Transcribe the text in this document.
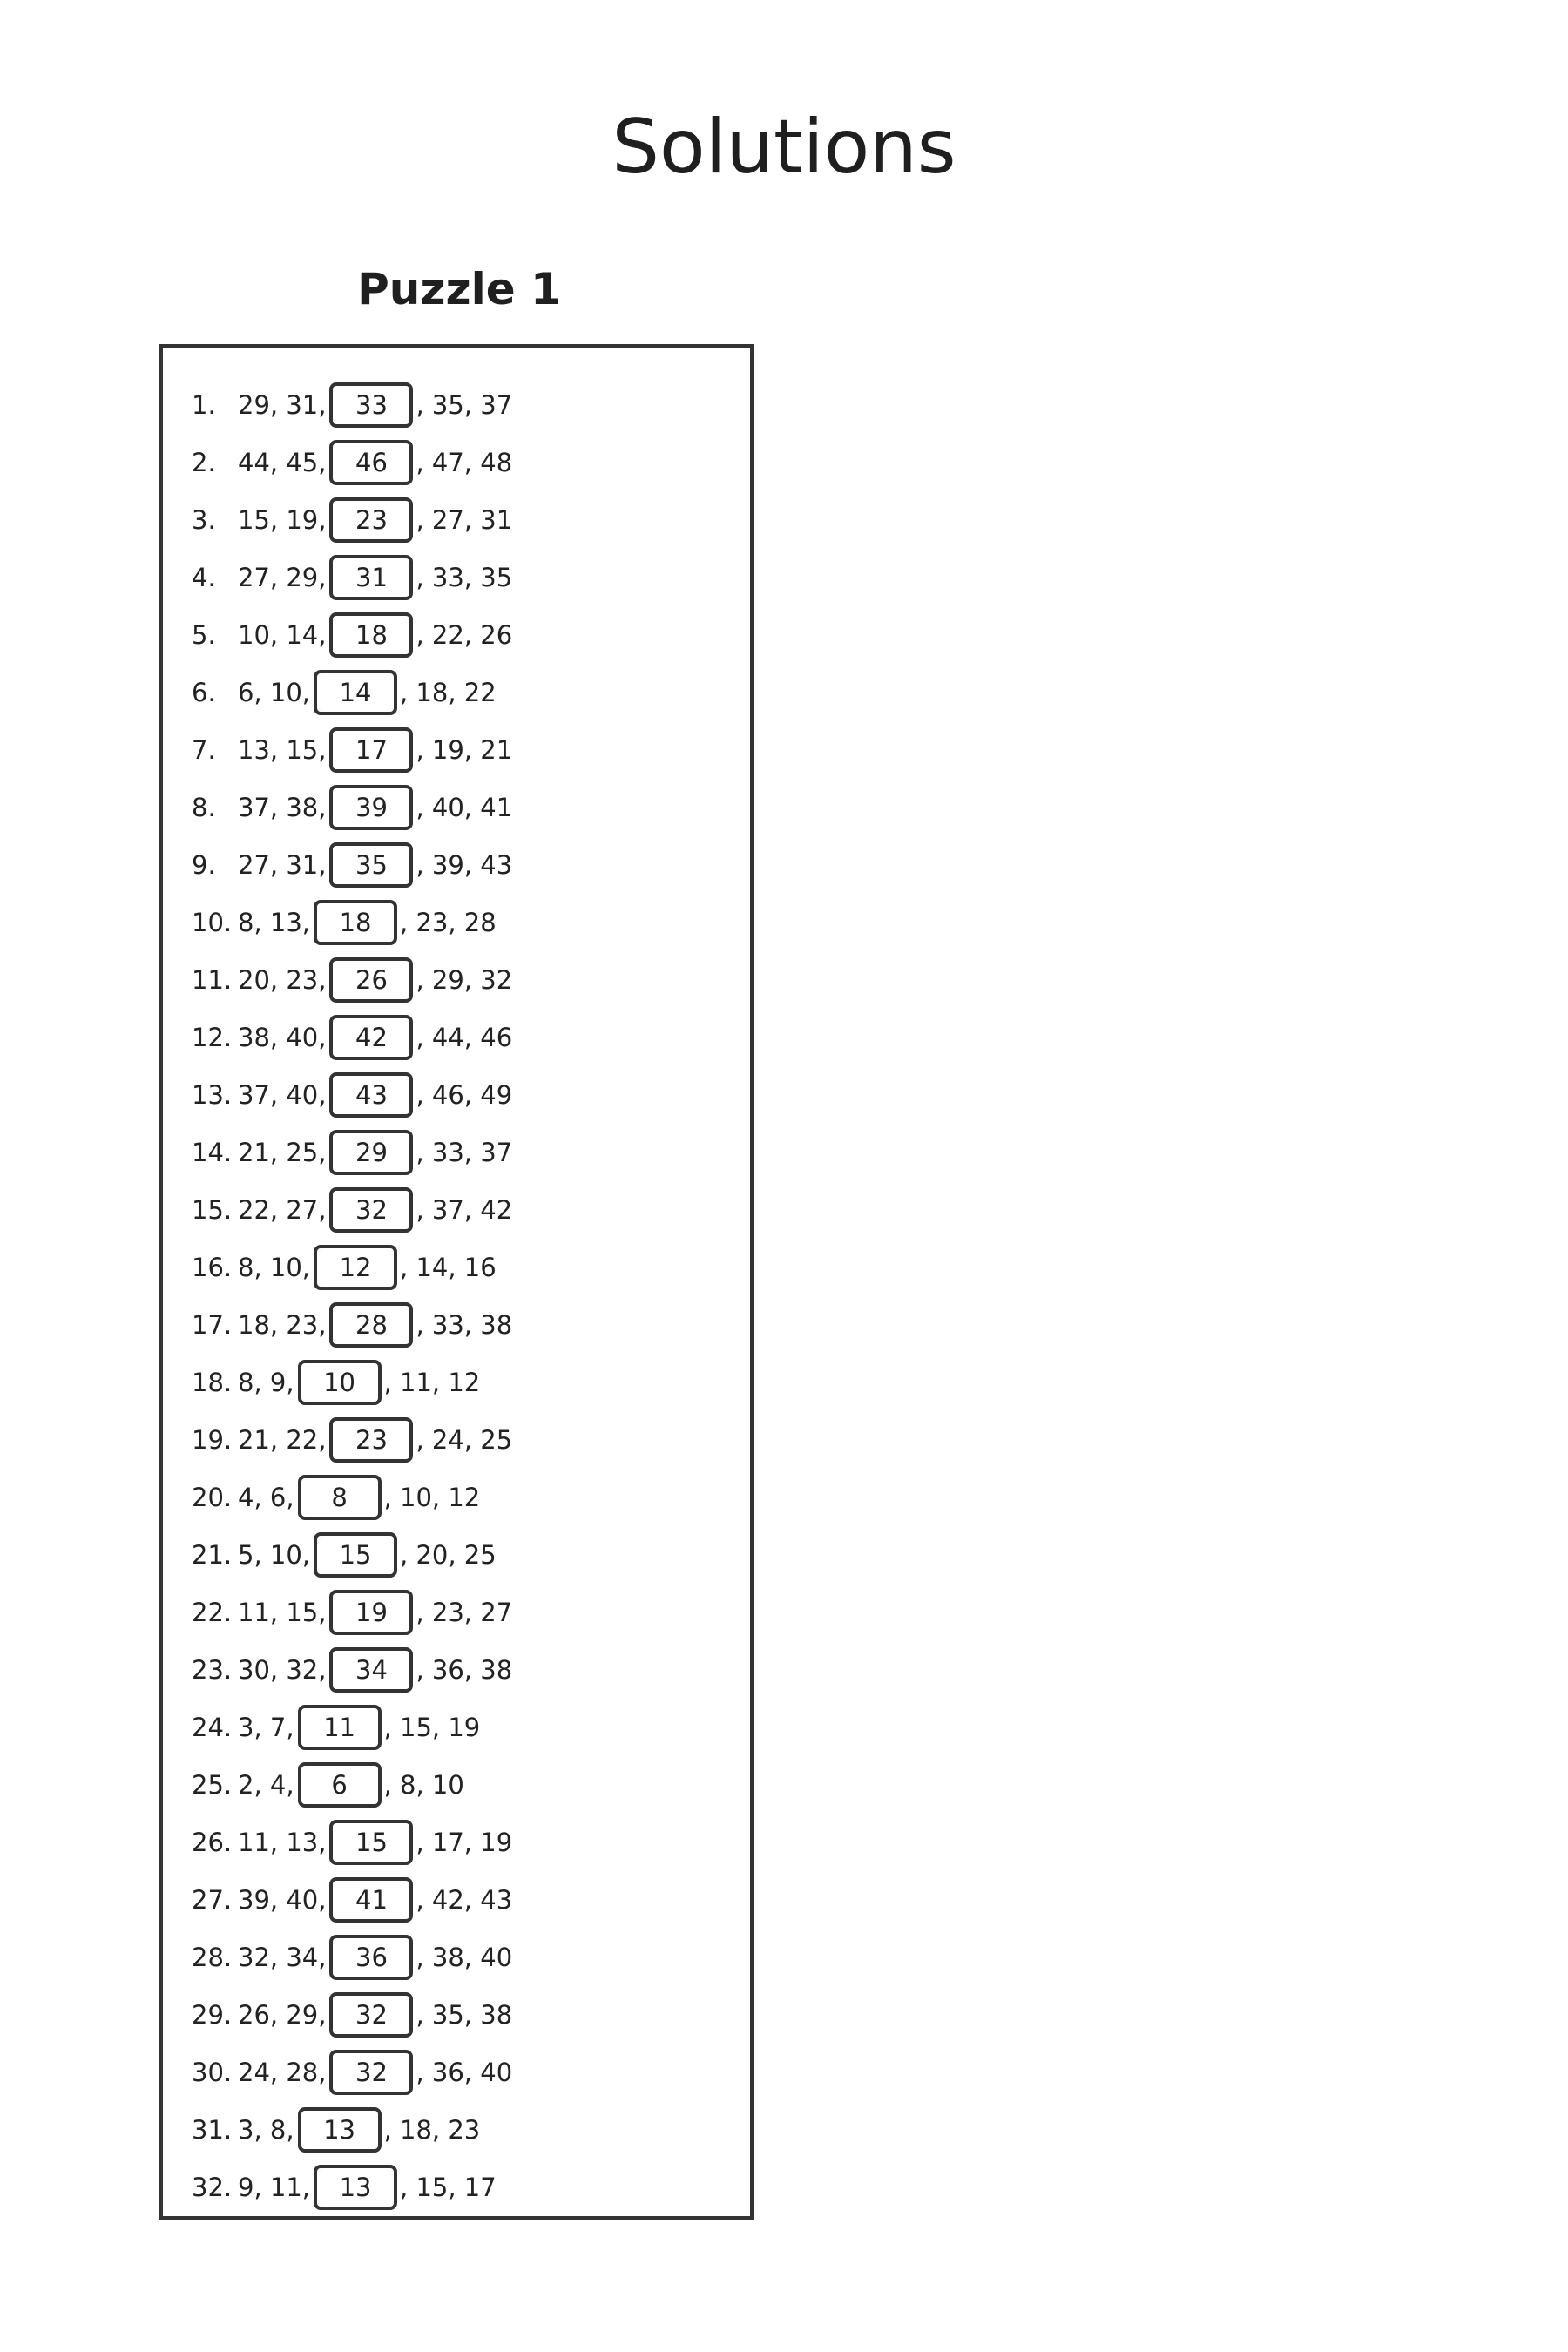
Solutions
Puzzle 1
1. 29, 31,	33	, 35, 37
2. 44, 45,	46	, 47, 48
3. 15, 19,	23	, 27, 31
4. 27, 29,	31	, 33, 35
5. 10, 14,	18	, 22, 26
6. 6, 10,	14	, 18, 22
7. 13, 15,	17	, 19, 21
8. 37, 38,	39	, 40, 41
9. 27, 31,	35	, 39, 43
10. 8, 13,	18	, 23, 28
11. 20, 23,	26	, 29, 32
12. 38, 40,	42	, 44, 46
13. 37, 40,	43	, 46, 49
14. 21, 25,	29	, 33, 37
15. 22, 27,	32	, 37, 42
16. 8, 10,	12	, 14, 16
17. 18, 23,	28	, 33, 38
18. 8, 9,	10	, 11, 12
19. 21, 22,	23	, 24, 25
20. 4, 6,	8	, 10, 12
21. 5, 10,	15	, 20, 25
22. 11, 15,	19	, 23, 27
23. 30, 32,	34	, 36, 38
24. 3, 7,	11	, 15, 19
25. 2, 4,	6	, 8, 10
26. 11, 13,	15	, 17, 19
27. 39, 40,	41	, 42, 43
28. 32, 34,	36	, 38, 40
29. 26, 29,	32	, 35, 38
30. 24, 28,	32	, 36, 40
31. 3, 8,	13	, 18, 23
32. 9, 11,	13	, 15, 17
